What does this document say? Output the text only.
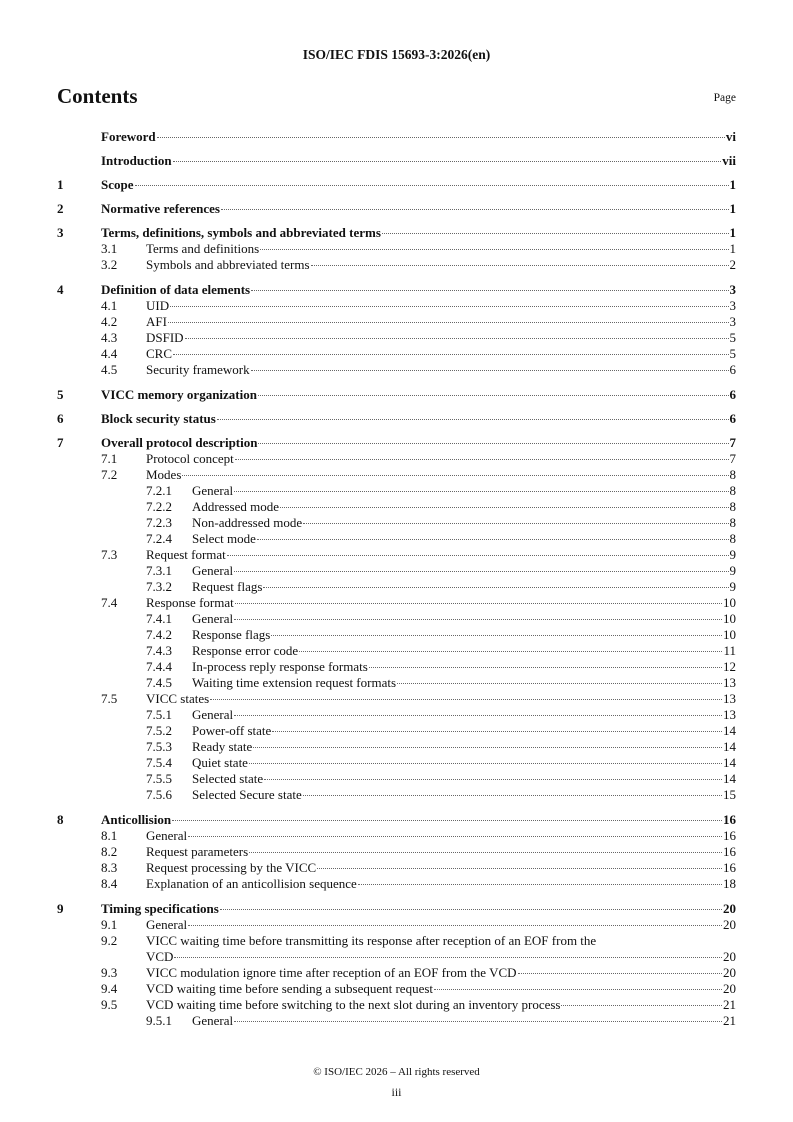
ISO/IEC FDIS 15693-3:2026(en)
Contents	Page
Foreword	vi
Introduction	vii
1	Scope	1
2	Normative references	1
3	Terms, definitions, symbols and abbreviated terms	1
3.1	Terms and definitions	1
3.2	Symbols and abbreviated terms	2
4	Definition of data elements	3
4.1	UID	3
4.2	AFI	3
4.3	DSFID	5
4.4	CRC	5
4.5	Security framework	6
5	VICC memory organization	6
6	Block security status	6
7	Overall protocol description	7
7.1	Protocol concept	7
7.2	Modes	8
7.2.1	General	8
7.2.2	Addressed mode	8
7.2.3	Non-addressed mode	8
7.2.4	Select mode	8
7.3	Request format	9
7.3.1	General	9
7.3.2	Request flags	9
7.4	Response format	10
7.4.1	General	10
7.4.2	Response flags	10
7.4.3	Response error code	11
7.4.4	In-process reply response formats	12
7.4.5	Waiting time extension request formats	13
7.5	VICC states	13
7.5.1	General	13
7.5.2	Power-off state	14
7.5.3	Ready state	14
7.5.4	Quiet state	14
7.5.5	Selected state	14
7.5.6	Selected Secure state	15
8	Anticollision	16
8.1	General	16
8.2	Request parameters	16
8.3	Request processing by the VICC	16
8.4	Explanation of an anticollision sequence	18
9	Timing specifications	20
9.1	General	20
9.2	VICC waiting time before transmitting its response after reception of an EOF from the
VCD	20
9.3	VICC modulation ignore time after reception of an EOF from the VCD	20
9.4	VCD waiting time before sending a subsequent request	20
9.5	VCD waiting time before switching to the next slot during an inventory process	21
9.5.1	General	21
© ISO/IEC 2026 – All rights reserved
iii
